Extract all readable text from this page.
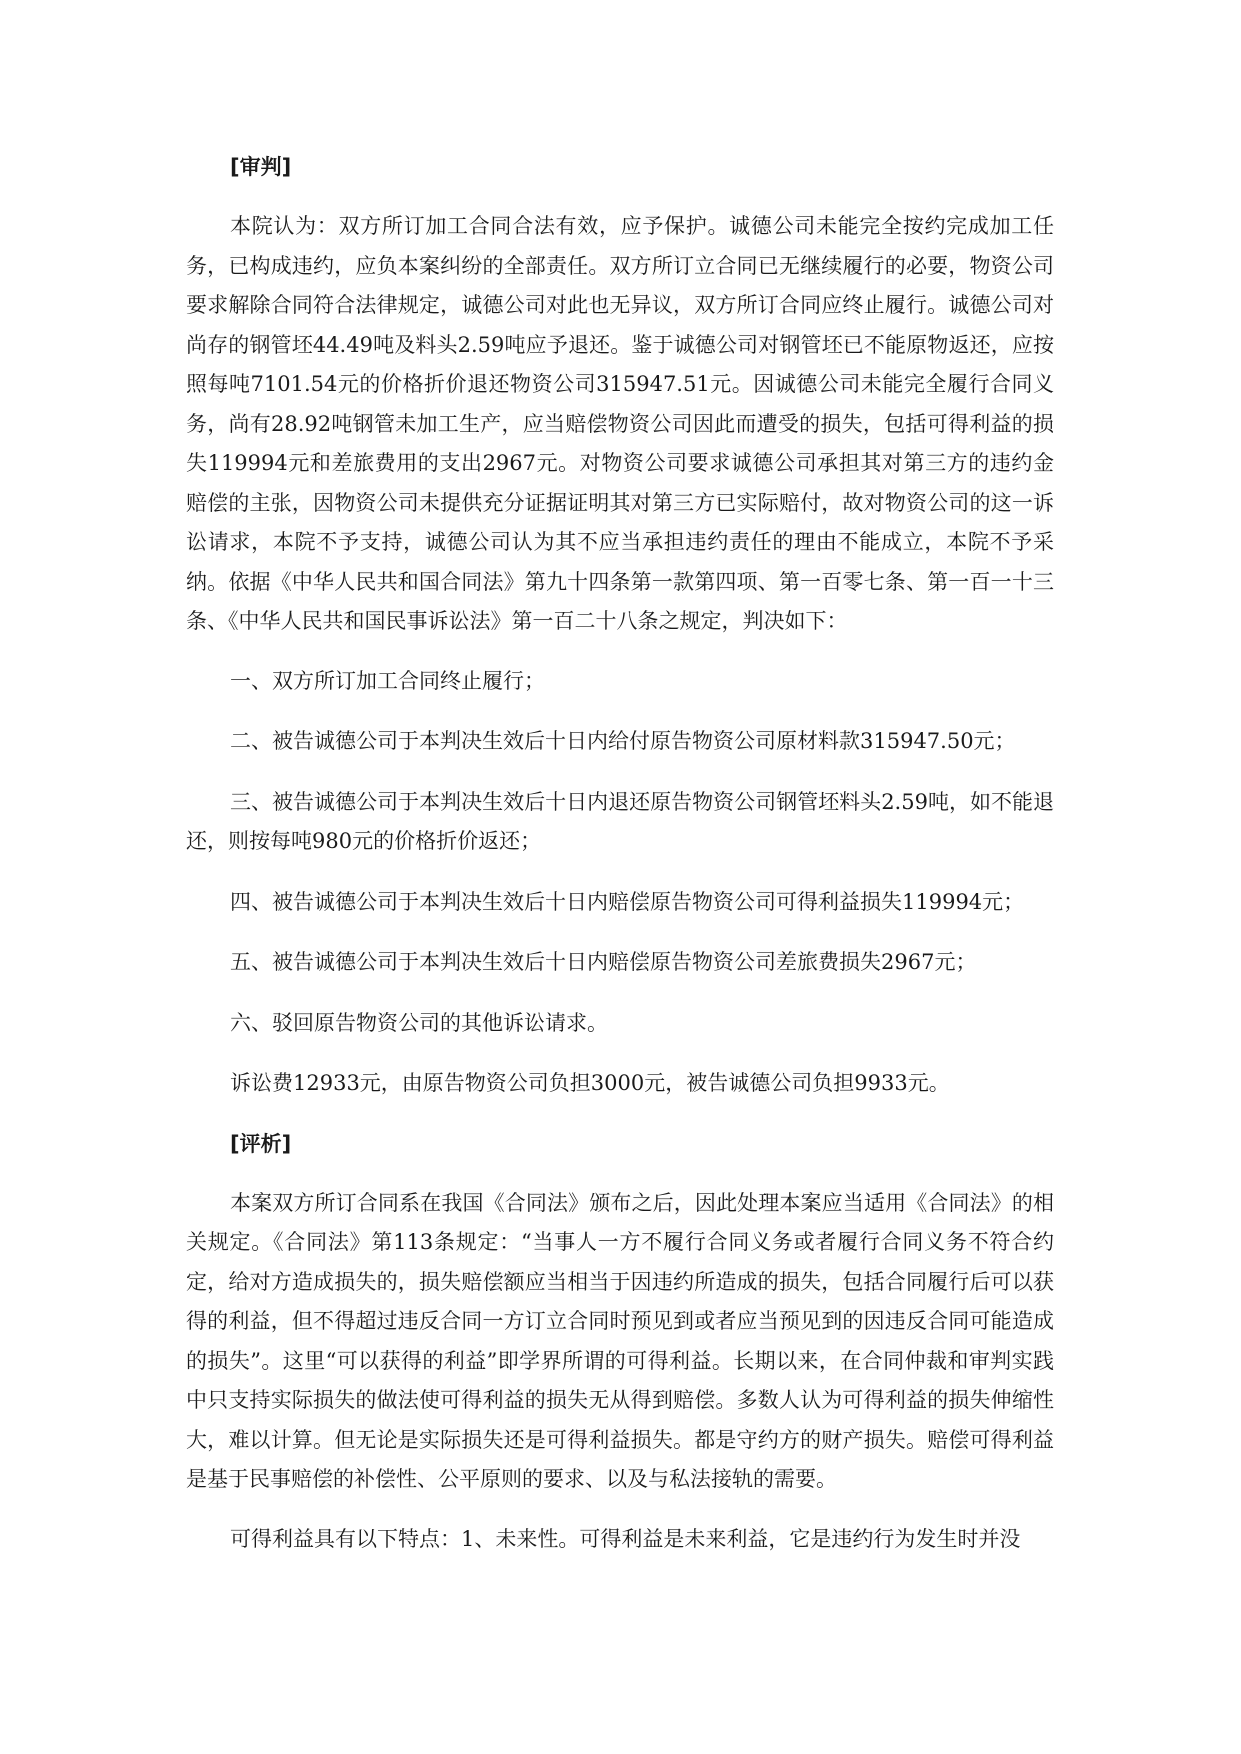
[审判]

本院认为：双方所订加工合同合法有效，应予保护。诚德公司未能完全按约完成加工任务，已构成违约，应负本案纠纷的全部责任。双方所订立合同已无继续履行的必要，物资公司要求解除合同符合法律规定，诚德公司对此也无异议，双方所订合同应终止履行。诚德公司对尚存的钢管坯44.49吨及料头2.59吨应予退还。鉴于诚德公司对钢管坯已不能原物返还，应按照每吨7101.54元的价格折价退还物资公司315947.51元。因诚德公司未能完全履行合同义务，尚有28.92吨钢管未加工生产，应当赔偿物资公司因此而遭受的损失，包括可得利益的损失119994元和差旅费用的支出2967元。对物资公司要求诚德公司承担其对第三方的违约金赔偿的主张，因物资公司未提供充分证据证明其对第三方已实际赔付，故对物资公司的这一诉讼请求，本院不予支持，诚德公司认为其不应当承担违约责任的理由不能成立，本院不予采纳。依据《中华人民共和国合同法》第九十四条第一款第四项、第一百零七条、第一百一十三条、《中华人民共和国民事诉讼法》第一百二十八条之规定，判决如下：

一、双方所订加工合同终止履行；

二、被告诚德公司于本判决生效后十日内给付原告物资公司原材料款315947.50元；

三、被告诚德公司于本判决生效后十日内退还原告物资公司钢管坯料头2.59吨，如不能退还，则按每吨980元的价格折价返还；

四、被告诚德公司于本判决生效后十日内赔偿原告物资公司可得利益损失119994元；

五、被告诚德公司于本判决生效后十日内赔偿原告物资公司差旅费损失2967元；

六、驳回原告物资公司的其他诉讼请求。

诉讼费12933元，由原告物资公司负担3000元，被告诚德公司负担9933元。

[评析]

本案双方所订合同系在我国《合同法》颁布之后，因此处理本案应当适用《合同法》的相关规定。《合同法》第113条规定：“当事人一方不履行合同义务或者履行合同义务不符合约定，给对方造成损失的，损失赔偿额应当相当于因违约所造成的损失，包括合同履行后可以获得的利益，但不得超过违反合同一方订立合同时预见到或者应当预见到的因违反合同可能造成的损失”。这里“可以获得的利益”即学界所谓的可得利益。长期以来，在合同仲裁和审判实践中只支持实际损失的做法使可得利益的损失无从得到赔偿。多数人认为可得利益的损失伸缩性大，难以计算。但无论是实际损失还是可得利益损失。都是守约方的财产损失。赔偿可得利益是基于民事赔偿的补偿性、公平原则的要求、以及与私法接轨的需要。

可得利益具有以下特点：1、未来性。可得利益是未来利益，它是违约行为发生时并没
